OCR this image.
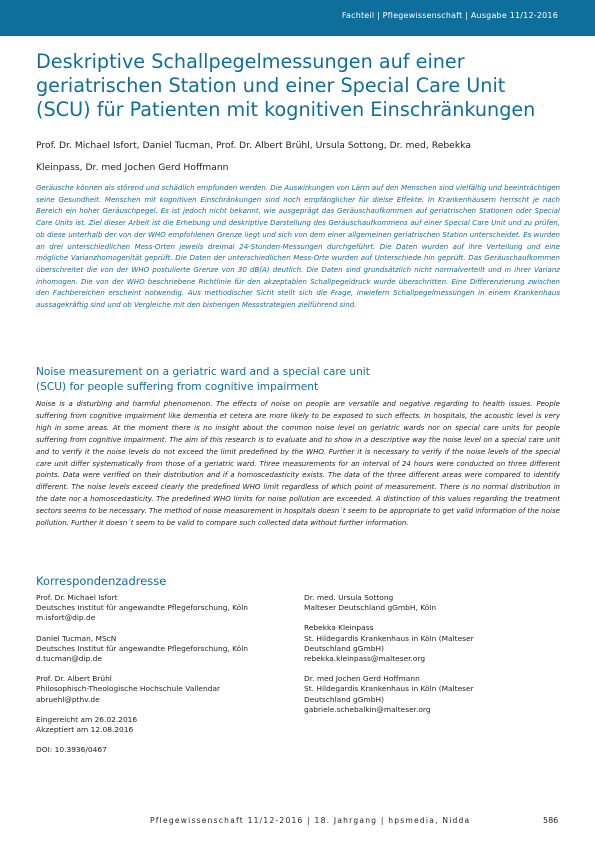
Fachteil | Pflegewissenschaft | Ausgabe 11/12-2016
Deskriptive Schallpegelmessungen auf einer
geriatrischen Station und einer Special Care Unit
(SCU) für Patienten mit kognitiven Einschränkungen
Prof. Dr. Michael Isfort, Daniel Tucman, Prof. Dr. Albert Brühl, Ursula Sottong, Dr. med, Rebekka
Kleinpass, Dr. med Jochen Gerd Hoffmann

Geräusche können als störend und schädlich empfunden werden. Die Auswirkungen von Lärm auf den Menschen sind vielfältig und beeinträchtigen seine Gesundheit. Menschen mit kognitiven Einschränkungen sind noch empfänglicher für dieise Effekte. In Krankenhäusern herrscht je nach Bereich ein hoher Geräuschpegel. Es ist jedoch nicht bekannt, wie ausgeprägt das Geräuschaufkommen auf geriatrischen Stationen oder Special Care Units ist. Ziel dieser Arbeit ist die Erhebung und deskriptive Darstellung des Geräuschaufkommens auf einer Special Care Unit und zu prüfen, ob diese unterhalb der von der WHO empfohlenen Grenze liegt und sich von dem einer allgemeinen geriatrischen Station unterscheidet. Es wurden an drei unterschiedlichen Mess-Orten jeweils dreimal 24-Stunden-Messungen durchgeführt. Die Daten wurden auf ihre Verteilung und eine mögliche Varianzhomogenität geprüft. Die Daten der unterschiedlichen Mess-Orte wurden auf Unterschiede hin geprüft. Das Geräuschaufkommen überschreitet die von der WHO postulierte Grenze von 30 dB(A) deutlich. Die Daten sind grundsätzlich nicht normalverteilt und in ihrer Varianz inhomogen. Die von der WHO beschriebene Richtlinie für den akzeptablen Schallpegeldruck wurde überschritten. Eine Differenzierung zwischen den Fachbereichen erscheint notwendig. Aus methodischer Sicht stellt sich die Frage, inwiefern Schallpegelmessungen in einem Krankenhaus aussagekräftig sind und ob Vergleiche mit den bisherigen Messstrategien zielführend sind.

Noise measurement on a geriatric ward and a special care unit
(SCU) for people suffering from cognitive impairment

Noise is a disturbing and harmful phenomenon. The effects of noise on people are versatile and negative regarding to health issues. People suffering from cognitive impairment like dementia et cetera are more likely to be exposed to such effects. In hospitals, the acoustic level is very high in some areas. At the moment there is no insight about the common noise level on geriatric wards nor on special care units for people suffering from cognitive impairment. The aim of this research is to evaluate and to show in a descriptive way the noise level on a special care unit and to verify it the noise levels do not exceed the limit predefined by the WHO. Further it is necessary to verify if the noise levels of the special care unit differ systematically from those of a geriatric ward. Three measurements for an interval of 24 hours were conducted on three different points. Data were verified on their distribution and if a homoscedasticity exists. The data of the three different areas were compared to identify different. The noise levels exceed clearly the predefined WHO limit regardless of which point of measurement. There is no normal distribution in the date nor a homoscedasticity. The predefined WHO limits for noise pollution are exceeded. A distinction of this values regarding the treatment sectors seems to be necessary. The method of noise measurement in hospitals doesn´t seem to be appropriate to get valid information of the noise pollution. Further it doesn´t seem to be valid to compare such collected data without further information.

Korrespondenzadresse
Prof. Dr. Michael Isfort
Deutsches Institut für angewandte Pflegeforschung, Köln
m.isfort@dip.de
Daniel Tucman, MScN
Deutsches Institut für angewandte Pflegeforschung, Köln
d.tucman@dip.de
Prof. Dr. Albert Brühl
Philosophisch-Theologische Hochschule Vallendar
abruehl@pthv.de
Eingereicht am 26.02.2016
Akzeptiert am 12.08.2016
DOI: 10.3936/0467
Dr. med. Ursula Sottong
Malteser Deutschland gGmbH, Köln
Rebekka Kleinpass
St. Hildegardis Krankenhaus in Köln (Malteser
Deutschland gGmbH)
rebekka.kleinpass@malteser.org
Dr. med Jochen Gerd Hoffmann
St. Hildegardis Krankenhaus in Köln (Malteser
Deutschland gGmbH)
gabriele.schebalkin@malteser.org
Pflegewissenschaft 11/12-2016 | 18. Jahrgang | hpsmedia, Nidda	586
